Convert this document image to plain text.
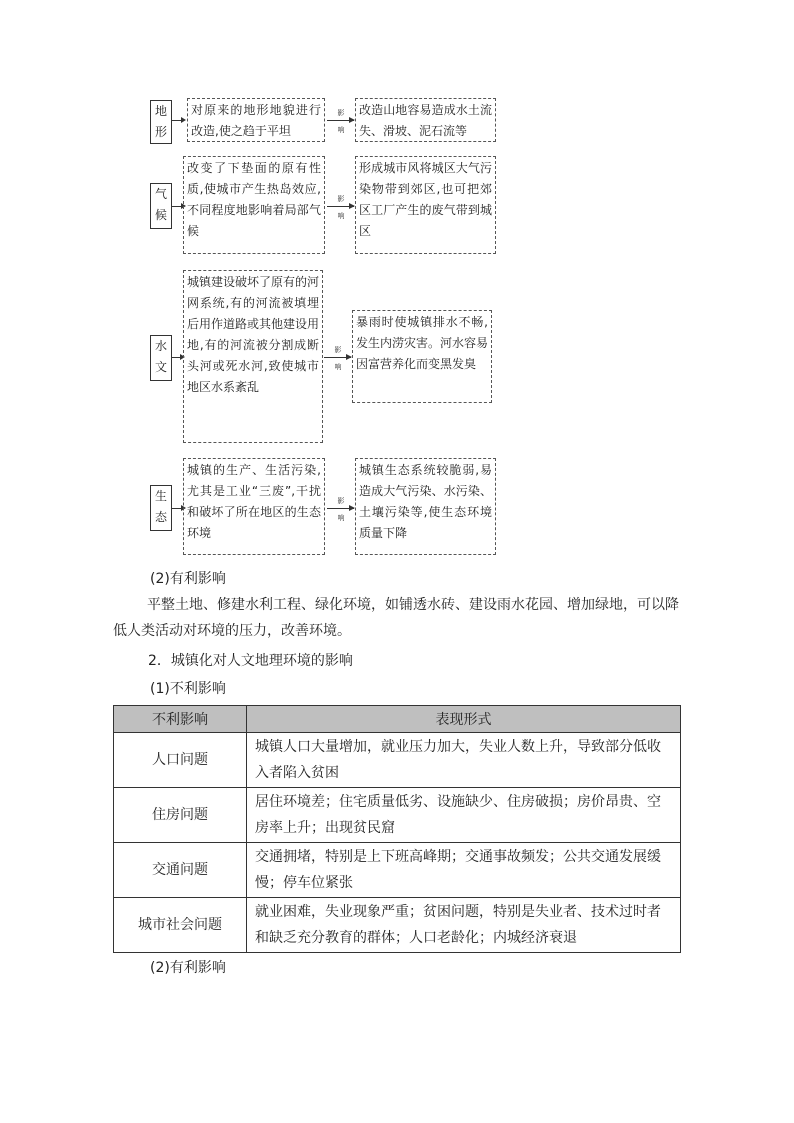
地
形
对原来的地形地貌进行改造,使之趋于平坦
影
响
改造山地容易造成水土流失、滑坡、泥石流等
气
候
改变了下垫面的原有性质,使城市产生热岛效应,不同程度地影响着局部气候
影
响
形成城市风将城区大气污染物带到郊区,也可把郊区工厂产生的废气带到城区
水
文
城镇建设破坏了原有的河网系统,有的河流被填埋后用作道路或其他建设用地,有的河流被分割成断头河或死水河,致使城市地区水系紊乱
影
响
暴雨时使城镇排水不畅,发生内涝灾害。河水容易因富营养化而变黑发臭
生
态
城镇的生产、生活污染,尤其是工业“三废”,干扰和破坏了所在地区的生态环境
影
响
城镇生态系统较脆弱,易造成大气污染、水污染、土壤污染等,使生态环境质量下降
(2)有利影响
平整土地、修建水利工程、绿化环境，如铺透水砖、建设雨水花园、增加绿地，可以降低人类活动对环境的压力，改善环境。
2．城镇化对人文地理环境的影响
(1)不利影响
不利影响	表现形式
人口问题	城镇人口大量增加，就业压力加大，失业人数上升，导致部分低收入者陷入贫困
住房问题	居住环境差；住宅质量低劣、设施缺少、住房破损；房价昂贵、空房率上升；出现贫民窟
交通问题	交通拥堵，特别是上下班高峰期；交通事故频发；公共交通发展缓慢；停车位紧张
城市社会问题	就业困难，失业现象严重；贫困问题，特别是失业者、技术过时者和缺乏充分教育的群体；人口老龄化；内城经济衰退
(2)有利影响
